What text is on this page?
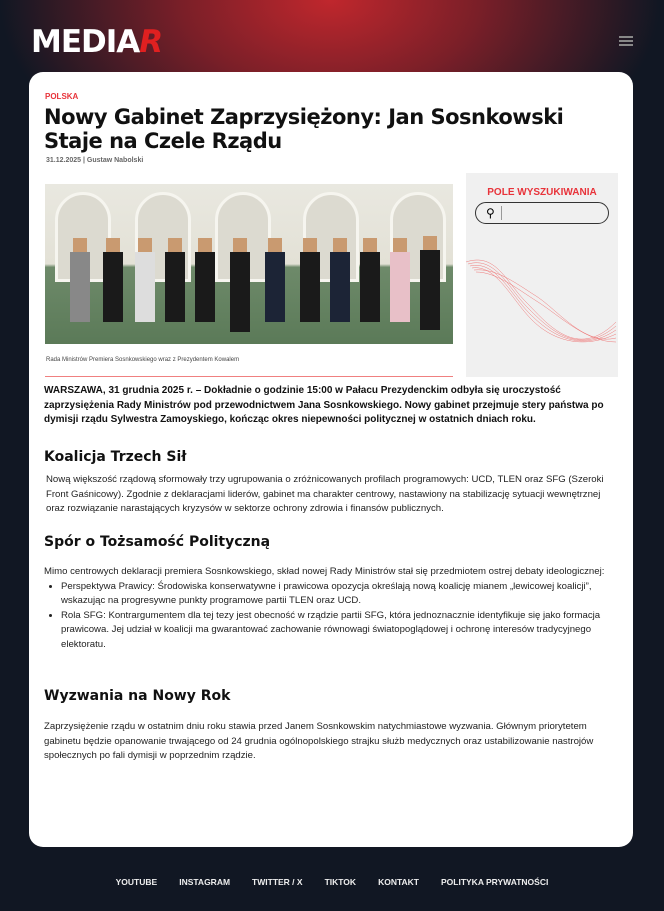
MEDIA R
POLSKA
Nowy Gabinet Zaprzysiężony: Jan Sosnkowski Staje na Czele Rządu
31.12.2025 | Gustaw Nabolski
Rada Ministrów Premiera Sosnkowskiego wraz z Prezydentem Kowalem
POLE WYSZUKIWANIA
⚲
WARSZAWA, 31 grudnia 2025 r. – Dokładnie o godzinie 15:00 w Pałacu Prezydenckim odbyła się uroczystość zaprzysiężenia Rady Ministrów pod przewodnictwem Jana Sosnkowskiego. Nowy gabinet przejmuje stery państwa po dymisji rządu Sylwestra Zamoyskiego, kończąc okres niepewności politycznej w ostatnich dniach roku.
Koalicja Trzech Sił
Nową większość rządową sformowały trzy ugrupowania o zróżnicowanych profilach programowych: UCD, TLEN oraz SFG (Szeroki Front Gaśnicowy). Zgodnie z deklaracjami liderów, gabinet ma charakter centrowy, nastawiony na stabilizację sytuacji wewnętrznej oraz rozwiązanie narastających kryzysów w sektorze ochrony zdrowia i finansów publicznych.
Spór o Tożsamość Polityczną
Mimo centrowych deklaracji premiera Sosnkowskiego, skład nowej Rady Ministrów stał się przedmiotem ostrej debaty ideologicznej:
• Perspektywa Prawicy: Środowiska konserwatywne i prawicowa opozycja określają nową koalicję mianem „lewicowej koalicji”, wskazując na progresywne punkty programowe partii TLEN oraz UCD.
• Rola SFG: Kontrargumentem dla tej tezy jest obecność w rządzie partii SFG, która jednoznacznie identyfikuje się jako formacja prawicowa. Jej udział w koalicji ma gwarantować zachowanie równowagi światopoglądowej i ochronę interesów tradycyjnego elektoratu.
Wyzwania na Nowy Rok
Zaprzysiężenie rządu w ostatnim dniu roku stawia przed Janem Sosnkowskim natychmiastowe wyzwania. Głównym priorytetem gabinetu będzie opanowanie trwającego od 24 grudnia ogólnopolskiego strajku służb medycznych oraz ustabilizowanie nastrojów społecznych po fali dymisji w poprzednim rządzie.
YOUTUBE	INSTAGRAM	TWITTER / X	TIKTOK	KONTAKT	POLITYKA PRYWATNOŚCI
